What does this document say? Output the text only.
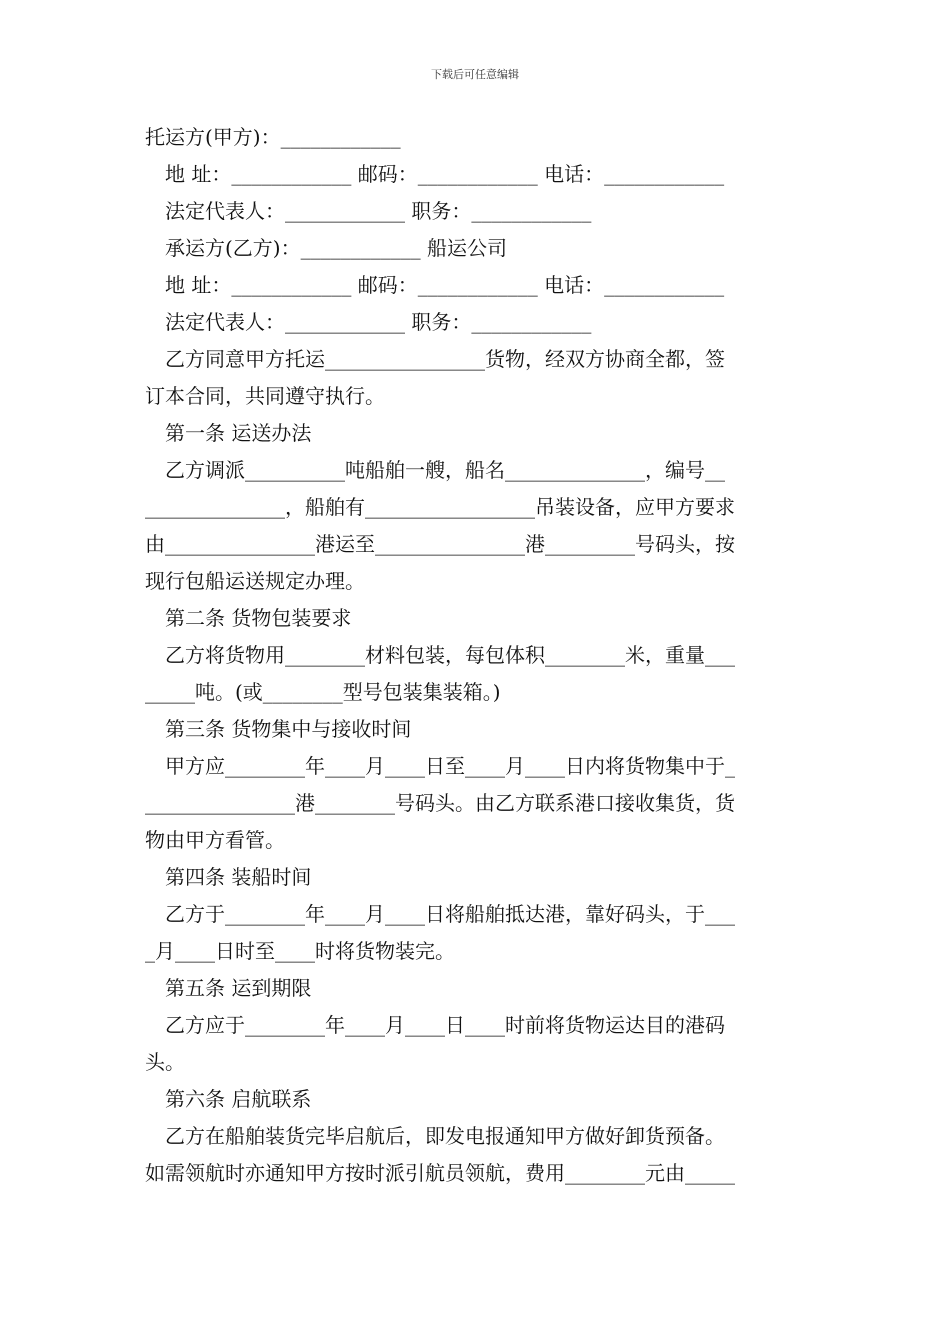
下载后可任意编辑
托运方(甲方)：____________
地 址：____________ 邮码：____________ 电话：____________
法定代表人：____________ 职务：____________
承运方(乙方)：____________ 船运公司
地 址：____________ 邮码：____________ 电话：____________
法定代表人：____________ 职务：____________
乙方同意甲方托运________________货物，经双方协商全都，签
订本合同，共同遵守执行。
第一条 运送办法
乙方调派__________吨船舶一艘，船名______________，编号__
______________，船舶有_________________吊装设备，应甲方要求
由_______________港运至_______________港_________号码头，按
现行包船运送规定办理。
第二条 货物包装要求
乙方将货物用________材料包装，每包体积________米，重量___
_____吨。(或________型号包装集装箱。)
第三条 货物集中与接收时间
甲方应________年____月____日至____月____日内将货物集中于_
_______________港________号码头。由乙方联系港口接收集货，货
物由甲方看管。
第四条 装船时间
乙方于________年____月____日将船舶抵达港，靠好码头，于___
_月____日时至____时将货物装完。
第五条 运到期限
乙方应于________年____月____日____时前将货物运达目的港码
头。
第六条 启航联系
乙方在船舶装货完毕启航后，即发电报通知甲方做好卸货预备。
如需领航时亦通知甲方按时派引航员领航，费用________元由_____
